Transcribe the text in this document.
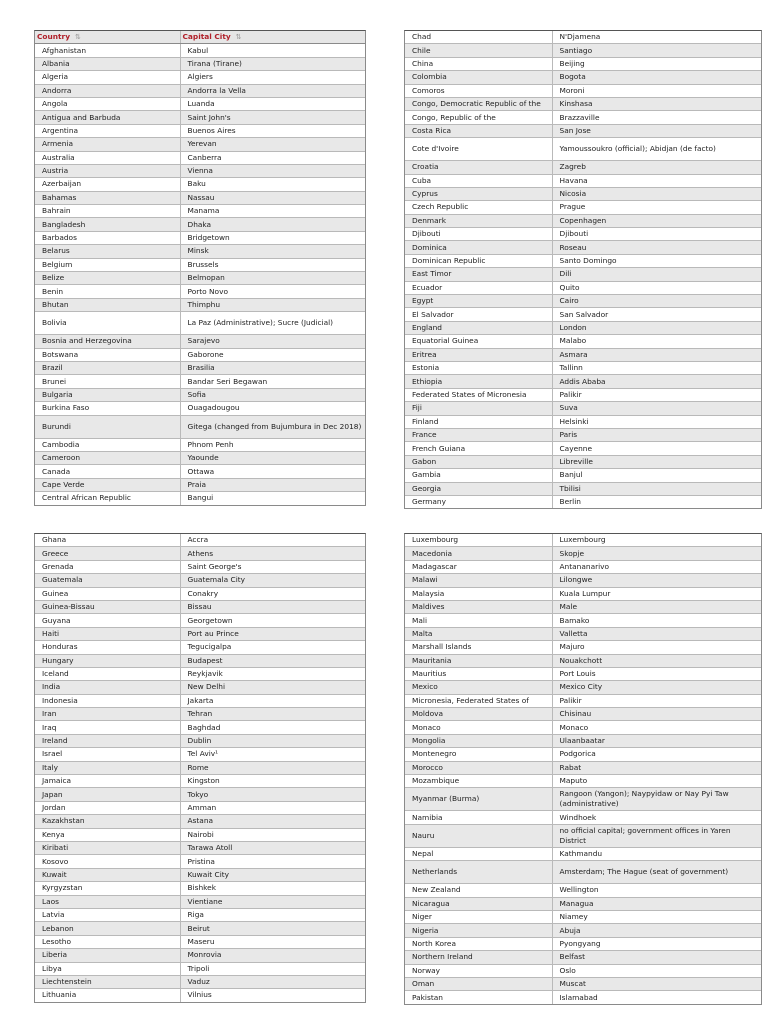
Country ⇅	Capital City ⇅
Afghanistan	Kabul
Albania	Tirana (Tirane)
Algeria	Algiers
Andorra	Andorra la Vella
Angola	Luanda
Antigua and Barbuda	Saint John's
Argentina	Buenos Aires
Armenia	Yerevan
Australia	Canberra
Austria	Vienna
Azerbaijan	Baku
Bahamas	Nassau
Bahrain	Manama
Bangladesh	Dhaka
Barbados	Bridgetown
Belarus	Minsk
Belgium	Brussels
Belize	Belmopan
Benin	Porto Novo
Bhutan	Thimphu
Bolivia	La Paz (Administrative); Sucre (Judicial)
Bosnia and Herzegovina	Sarajevo
Botswana	Gaborone
Brazil	Brasilia
Brunei	Bandar Seri Begawan
Bulgaria	Sofia
Burkina Faso	Ouagadougou
Burundi	Gitega (changed from Bujumbura in Dec 2018)
Cambodia	Phnom Penh
Cameroon	Yaounde
Canada	Ottawa
Cape Verde	Praia
Central African Republic	Bangui
Chad	N'Djamena
Chile	Santiago
China	Beijing
Colombia	Bogota
Comoros	Moroni
Congo, Democratic Republic of the	Kinshasa
Congo, Republic of the	Brazzaville
Costa Rica	San Jose
Cote d'Ivoire	Yamoussoukro (official); Abidjan (de facto)
Croatia	Zagreb
Cuba	Havana
Cyprus	Nicosia
Czech Republic	Prague
Denmark	Copenhagen
Djibouti	Djibouti
Dominica	Roseau
Dominican Republic	Santo Domingo
East Timor	Dili
Ecuador	Quito
Egypt	Cairo
El Salvador	San Salvador
England	London
Equatorial Guinea	Malabo
Eritrea	Asmara
Estonia	Tallinn
Ethiopia	Addis Ababa
Federated States of Micronesia	Palikir
Fiji	Suva
Finland	Helsinki
France	Paris
French Guiana	Cayenne
Gabon	Libreville
Gambia	Banjul
Georgia	Tbilisi
Germany	Berlin
Ghana	Accra
Greece	Athens
Grenada	Saint George's
Guatemala	Guatemala City
Guinea	Conakry
Guinea-Bissau	Bissau
Guyana	Georgetown
Haiti	Port au Prince
Honduras	Tegucigalpa
Hungary	Budapest
Iceland	Reykjavik
India	New Delhi
Indonesia	Jakarta
Iran	Tehran
Iraq	Baghdad
Ireland	Dublin
Israel	Tel Aviv¹
Italy	Rome
Jamaica	Kingston
Japan	Tokyo
Jordan	Amman
Kazakhstan	Astana
Kenya	Nairobi
Kiribati	Tarawa Atoll
Kosovo	Pristina
Kuwait	Kuwait City
Kyrgyzstan	Bishkek
Laos	Vientiane
Latvia	Riga
Lebanon	Beirut
Lesotho	Maseru
Liberia	Monrovia
Libya	Tripoli
Liechtenstein	Vaduz
Lithuania	Vilnius
Luxembourg	Luxembourg
Macedonia	Skopje
Madagascar	Antananarivo
Malawi	Lilongwe
Malaysia	Kuala Lumpur
Maldives	Male
Mali	Bamako
Malta	Valletta
Marshall Islands	Majuro
Mauritania	Nouakchott
Mauritius	Port Louis
Mexico	Mexico City
Micronesia, Federated States of	Palikir
Moldova	Chisinau
Monaco	Monaco
Mongolia	Ulaanbaatar
Montenegro	Podgorica
Morocco	Rabat
Mozambique	Maputo
Myanmar (Burma)	Rangoon (Yangon); Naypyidaw or Nay Pyi Taw (administrative)
Namibia	Windhoek
Nauru	no official capital; government offices in Yaren District
Nepal	Kathmandu
Netherlands	Amsterdam; The Hague (seat of government)
New Zealand	Wellington
Nicaragua	Managua
Niger	Niamey
Nigeria	Abuja
North Korea	Pyongyang
Northern Ireland	Belfast
Norway	Oslo
Oman	Muscat
Pakistan	Islamabad
